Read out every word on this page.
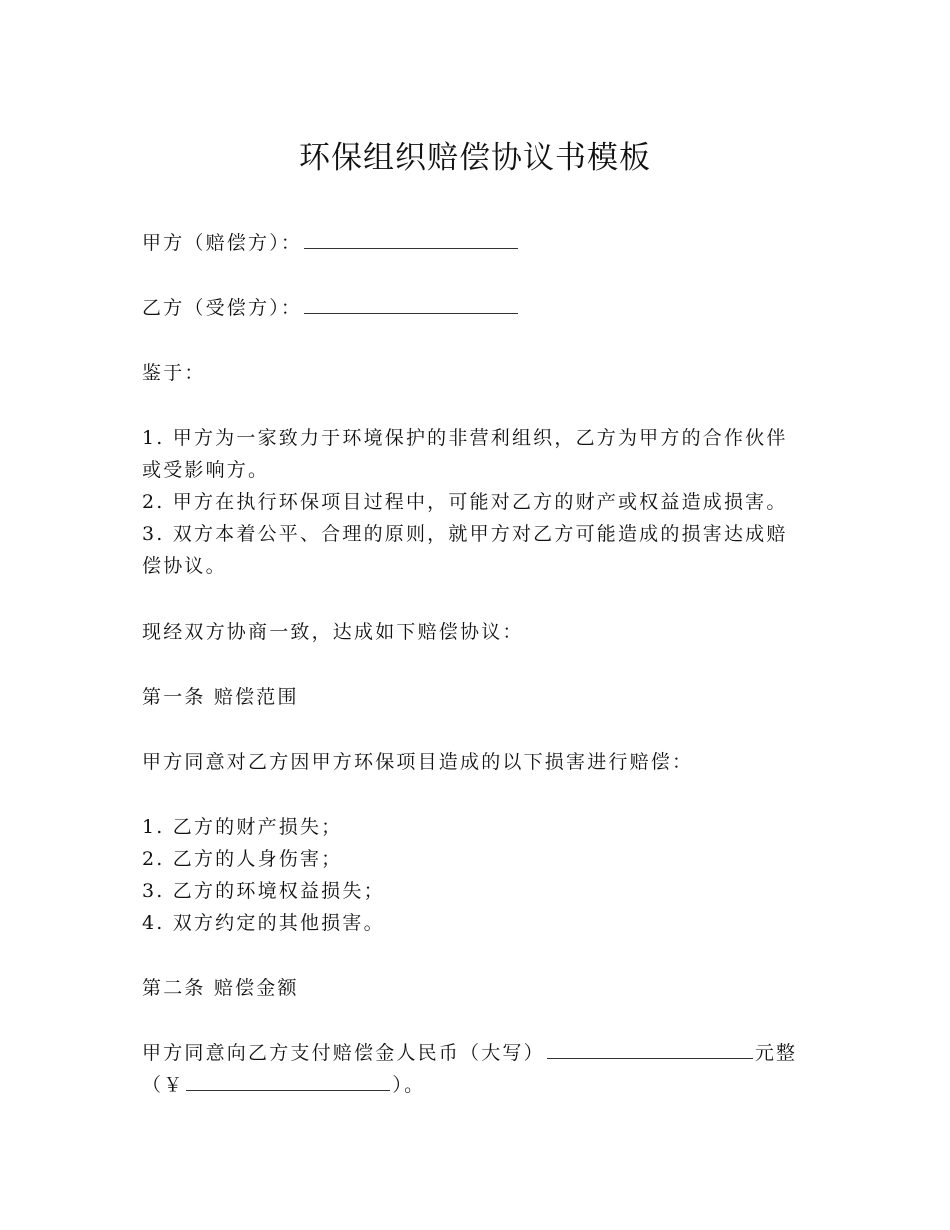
环保组织赔偿协议书模板

甲方（赔偿方）：

乙方（受偿方）：

鉴于：

1. 甲方为一家致力于环境保护的非营利组织，乙方为甲方的合作伙伴

或受影响方。

2. 甲方在执行环保项目过程中，可能对乙方的财产或权益造成损害。

3. 双方本着公平、合理的原则，就甲方对乙方可能造成的损害达成赔

偿协议。

现经双方协商一致，达成如下赔偿协议：

第一条 赔偿范围

甲方同意对乙方因甲方环保项目造成的以下损害进行赔偿：

1. 乙方的财产损失；

2. 乙方的人身伤害；

3. 乙方的环境权益损失；

4. 双方约定的其他损害。

第二条 赔偿金额

甲方同意向乙方支付赔偿金人民币（大写）	元整

（￥	）。
